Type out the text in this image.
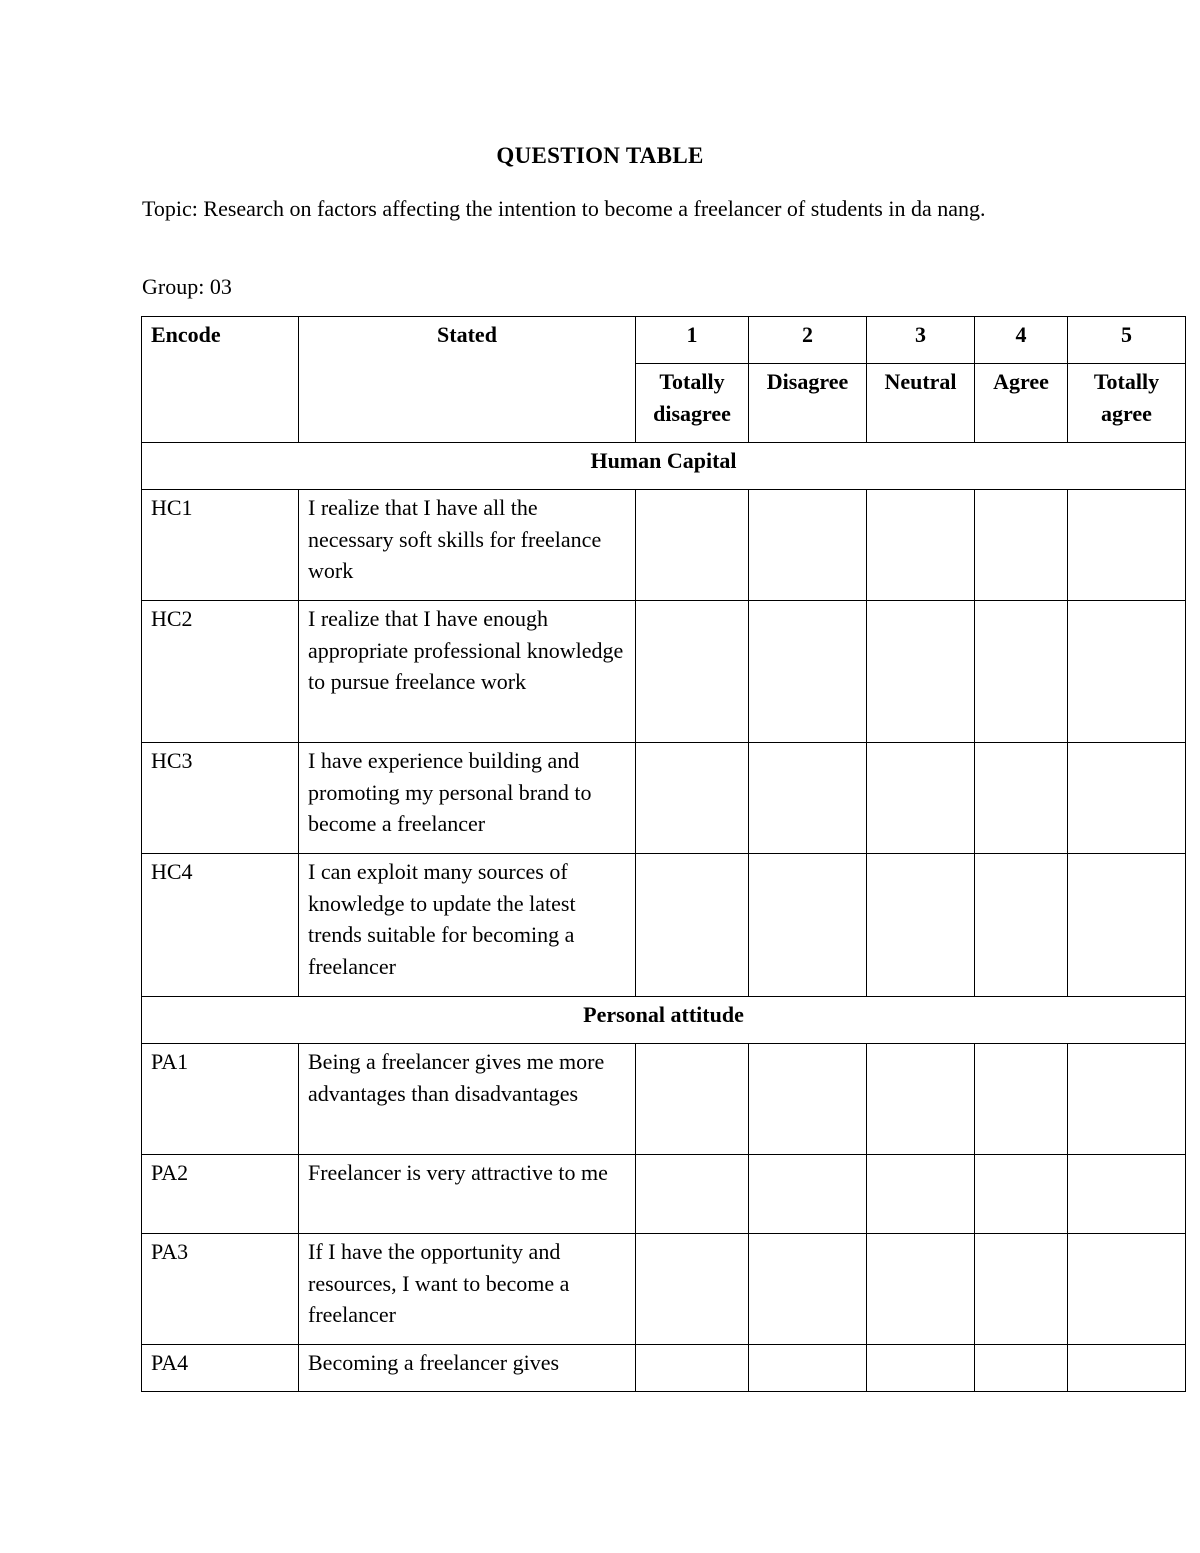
QUESTION TABLE
Topic: Research on factors affecting the intention to become a freelancer of students in da nang.
Group: 03
Encode	Stated	1	2	3	4	5
		Totally disagree	Disagree	Neutral	Agree	Totally agree
Human Capital						
HC1	I realize that I have all the necessary soft skills for freelance work					
HC2	I realize that I have enough appropriate professional knowledge to pursue freelance work					
HC3	I have experience building and promoting my personal brand to become a freelancer					
HC4	I can exploit many sources of knowledge to update the latest trends suitable for becoming a freelancer					
Personal attitude						
PA1	Being a freelancer gives me more advantages than disadvantages					
PA2	Freelancer is very attractive to me					
PA3	If I have the opportunity and resources, I want to become a freelancer					
PA4	Becoming a freelancer gives					
